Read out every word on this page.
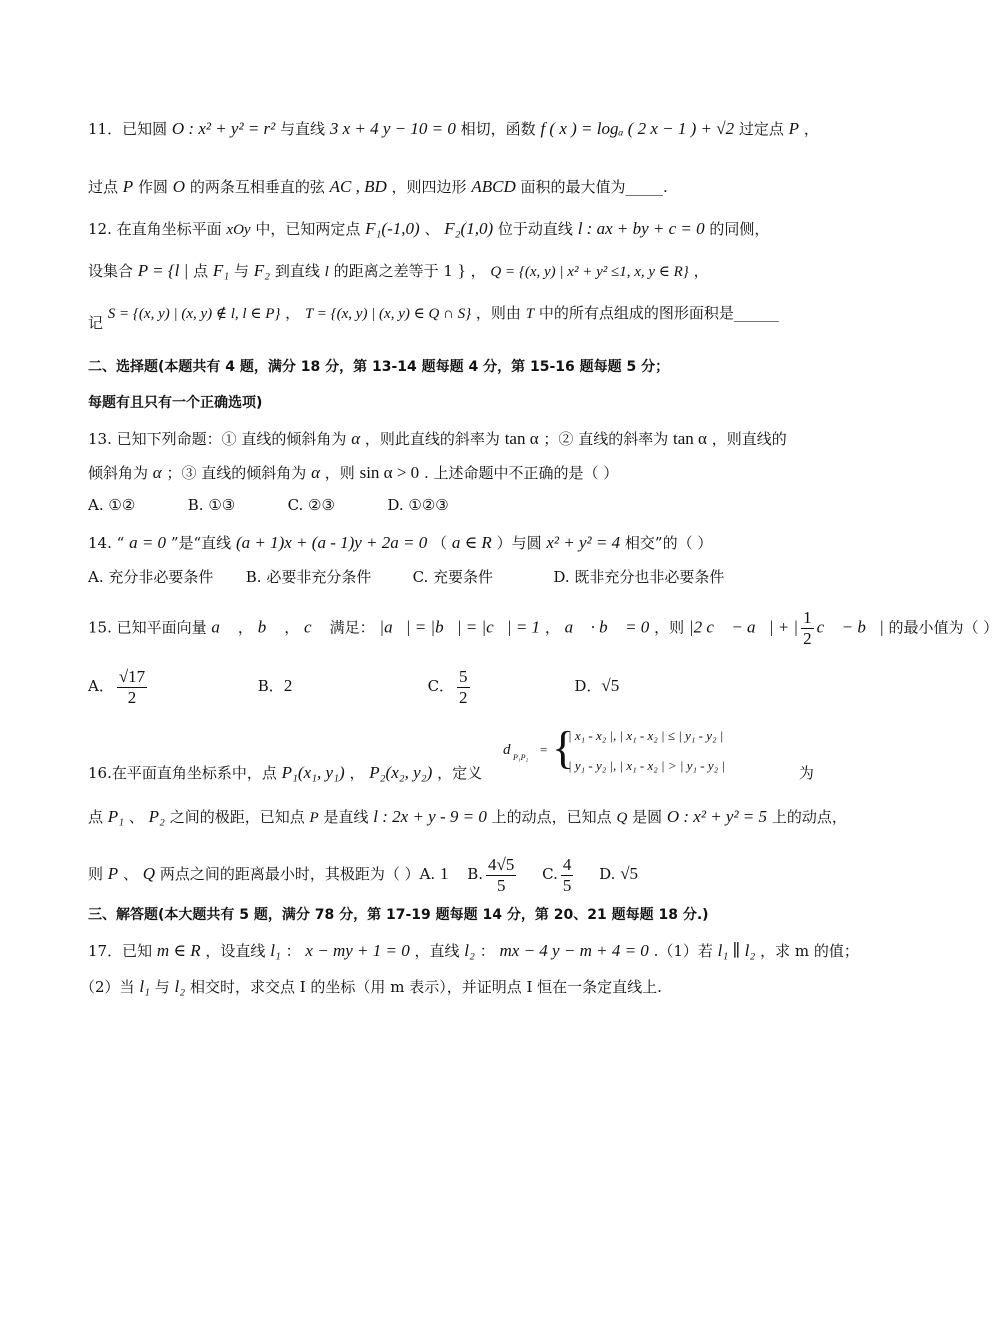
11．已知圆 O : x² + y² = r² 与直线 3 x + 4 y − 10 = 0 相切，函数 f ( x ) = logₐ ( 2 x − 1 ) + √2 过定点 P ，
过点 P 作圆 O 的两条互相垂直的弦 AC , BD ，则四边形 ABCD 面积的最大值为_____.
12. 在直角坐标平面 xOy 中，已知两定点 F₁(-1,0) 、 F₂(1,0) 位于动直线 l : ax + by + c = 0 的同侧，
设集合 P = {l | 点 F₁ 与 F₂ 到直线 l 的距离之差等于 1 } ， Q = {(x, y) | x² + y² ≤1, x, y ∈ R} ，
记 S = {(x, y) | (x, y) ∉ l, l ∈ P} ， T = {(x, y) | (x, y) ∈ Q ∩ S} ，则由 T 中的所有点组成的图形面积是______
二、选择题(本题共有 4 题，满分 18 分，第 13-14 题每题 4 分，第 15-16 题每题 5 分；
每题有且只有一个正确选项)
13. 已知下列命题：① 直线的倾斜角为 α ，则此直线的斜率为 tan α ；② 直线的斜率为 tan α ，则直线的
倾斜角为 α ；③ 直线的倾斜角为 α ，则 sin α > 0 . 上述命题中不正确的是（ ）
A. ①②	B. ①③	C. ②③	D. ①②③
14. “ a = 0 ”是“直线 (a + 1)x + (a - 1)y + 2a = 0 （ a ∈ R ）与圆 x² + y² = 4 相交”的（ ）
A. 充分非必要条件 B. 必要非充分条件	C. 充要条件	D. 既非充分也非必要条件
15. 已知平面向量 a⃗ ， b⃗ ， c⃗ 满足： |a⃗| = |b⃗| = |c⃗| = 1 ， a⃗ · b⃗ = 0 ，则 |2 c⃗ − a⃗| + | $\frac{1}{2}$ c⃗ − b⃗| 的最小值为（ ）
A． $\frac{√17}{2}$	B．2	C． $\frac{5}{2}$	D．√5
d P₁P₂
= {
| x₁ - x₂ |, | x₁ - x₂ | ≤ | y₁ - y₂ |
| y₁ - y₂ |, | x₁ - x₂ | > | y₁ - y₂ |
16.在平面直角坐标系中，点 P₁(x₁, y₁) ， P₂(x₂, y₂) ，定义	为
点 P₁ 、 P₂ 之间的极距，已知点 P 是直线 l : 2x + y - 9 = 0 上的动点，已知点 Q 是圆 O : x² + y² = 5 上的动点，
则 P 、 Q 两点之间的距离最小时，其极距为（ ）A. 1 B. $\frac{4√5}{5} C$. $\frac{4}{5} D$. √5
三、解答题(本大题共有 5 题，满分 78 分，第 17-19 题每题 14 分，第 20、21 题每题 18 分.)
17．已知 m ∈ R ，设直线 l₁ ： x − my + 1 = 0 ，直线 l₂ ： mx − 4 y − m + 4 = 0 .（1）若 l₁ ∥ l₂ ，求 m 的值；
（2）当 l₁ 与 l₂ 相交时，求交点 I 的坐标（用 m 表示），并证明点 I 恒在一条定直线上.
